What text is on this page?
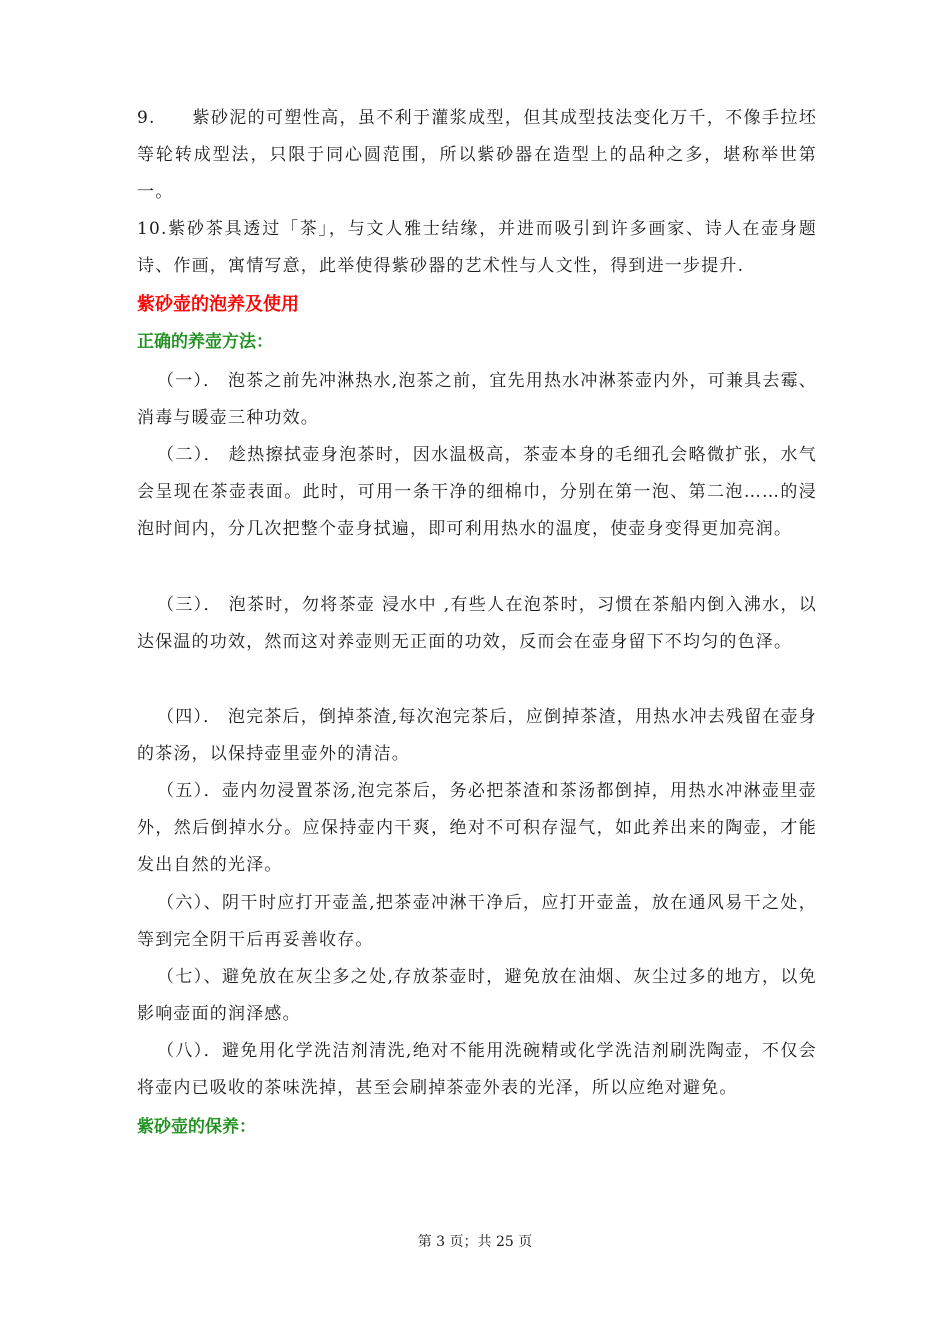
9.　　紫砂泥的可塑性高，虽不利于灌浆成型，但其成型技法变化万千，不像手拉坯等轮转成型法，只限于同心圆范围，所以紫砂器在造型上的品种之多，堪称举世第一。

10.紫砂茶具透过「茶」，与文人雅士结缘，并进而吸引到许多画家、诗人在壶身题诗、作画，寓情写意，此举使得紫砂器的艺术性与人文性，得到进一步提升.

紫砂壶的泡养及使用
正确的养壶方法：

（一）． 泡茶之前先冲淋热水,泡茶之前，宜先用热水冲淋茶壶内外，可兼具去霉、消毒与暖壶三种功效。

（二）． 趁热擦拭壶身泡茶时，因水温极高，茶壶本身的毛细孔会略微扩张，水气会呈现在茶壶表面。此时，可用一条干净的细棉巾，分别在第一泡、第二泡……的浸泡时间内，分几次把整个壶身拭遍，即可利用热水的温度，使壶身变得更加亮润。

（三）． 泡茶时，勿将茶壶 浸水中 ,有些人在泡茶时，习惯在茶船内倒入沸水，以达保温的功效，然而这对养壶则无正面的功效，反而会在壶身留下不均匀的色泽。

（四）． 泡完茶后，倒掉茶渣,每次泡完茶后，应倒掉茶渣，用热水冲去残留在壶身的茶汤，以保持壶里壶外的清洁。

（五）．壶内勿浸置茶汤,泡完茶后，务必把茶渣和茶汤都倒掉，用热水冲淋壶里壶外，然后倒掉水分。应保持壶内干爽，绝对不可积存湿气，如此养出来的陶壶，才能发出自然的光泽。

（六）、阴干时应打开壶盖,把茶壶冲淋干净后，应打开壶盖，放在通风易干之处，等到完全阴干后再妥善收存。

（七）、避免放在灰尘多之处,存放茶壶时，避免放在油烟、灰尘过多的地方，以免影响壶面的润泽感。

（八）．避免用化学洗洁剂清洗,绝对不能用洗碗精或化学洗洁剂刷洗陶壶，不仅会将壶内已吸收的茶味洗掉，甚至会刷掉茶壶外表的光泽，所以应绝对避免。

紫砂壶的保养：
第 3 页；共 25 页
